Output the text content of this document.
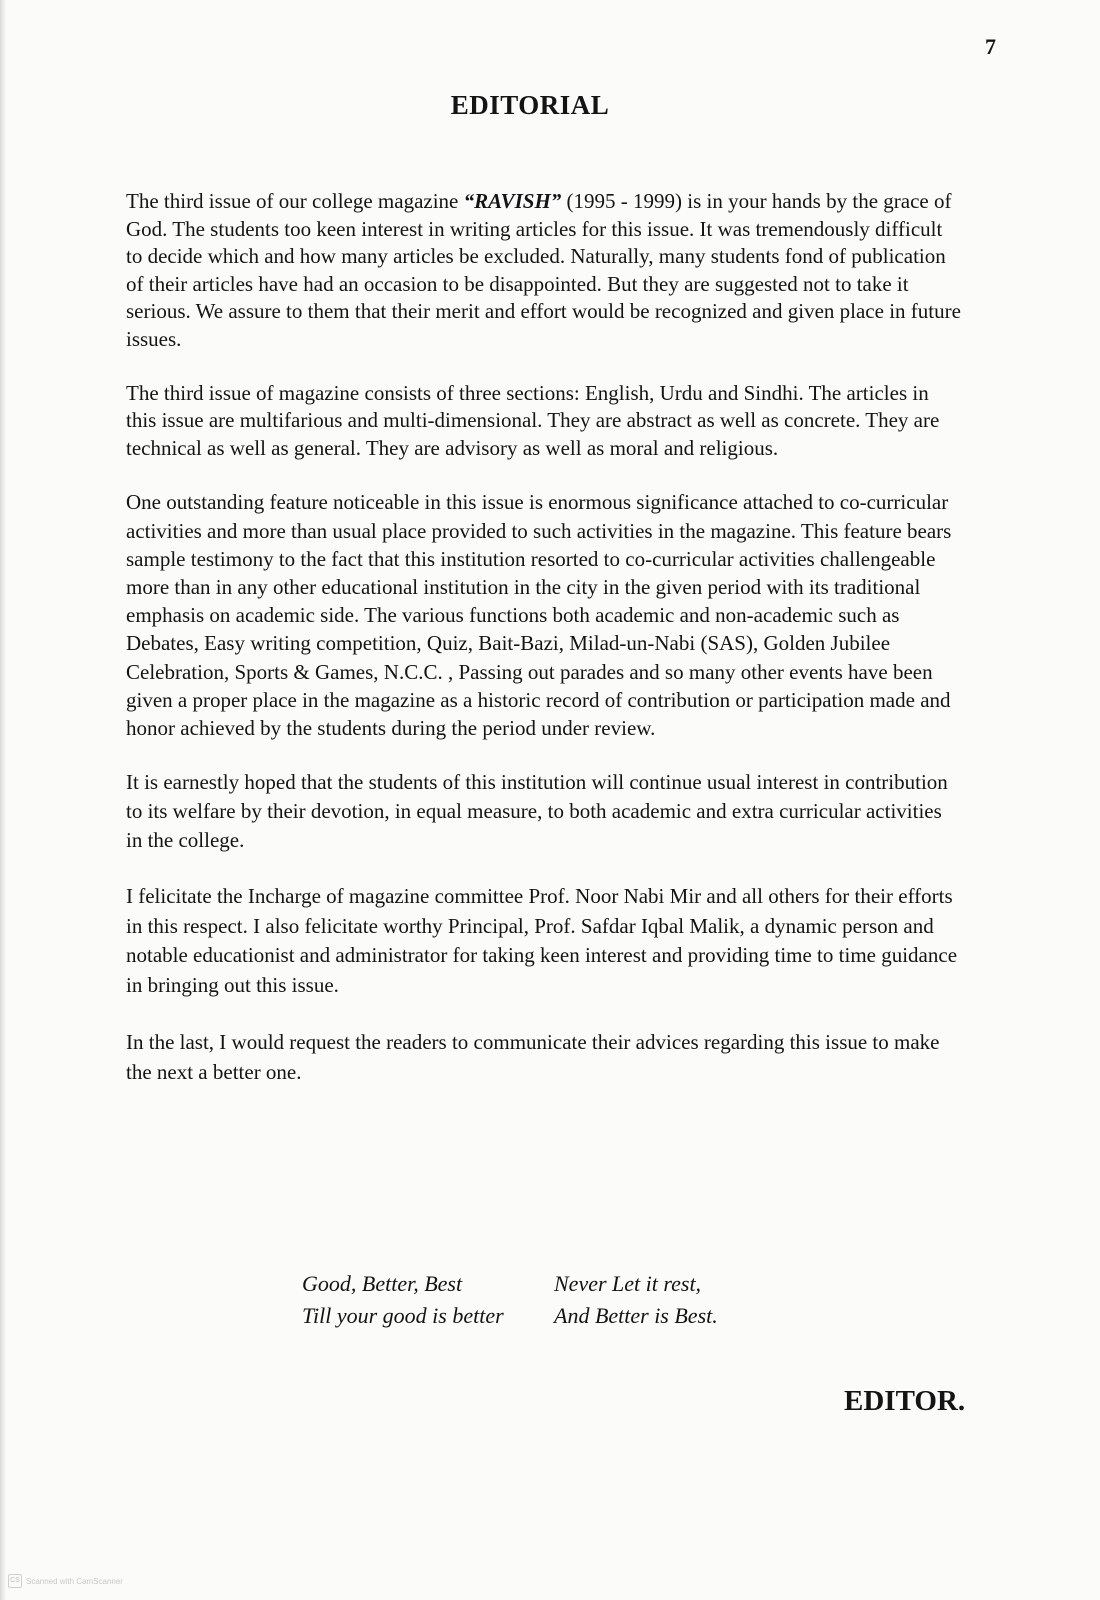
7
EDITORIAL

The third issue of our college magazine “RAVISH” (1995 - 1999) is in your hands by the grace of God. The students too keen interest in writing articles for this issue. It was tremendously difficult to decide which and how many articles be excluded. Naturally, many students fond of publication of their articles have had an occasion to be disappointed. But they are suggested not to take it serious. We assure to them that their merit and effort would be recognized and given place in future issues.

The third issue of magazine consists of three sections: English, Urdu and Sindhi. The articles in this issue are multifarious and multi-dimensional. They are abstract as well as concrete. They are technical as well as general. They are advisory as well as moral and religious.

One outstanding feature noticeable in this issue is enormous significance attached to co-curricular activities and more than usual place provided to such activities in the magazine. This feature bears sample testimony to the fact that this institution resorted to co-curricular activities challengeable more than in any other educational institution in the city in the given period with its traditional emphasis on academic side. The various functions both academic and non-academic such as Debates, Easy writing competition, Quiz, Bait-Bazi, Milad-un-Nabi (SAS), Golden Jubilee Celebration, Sports & Games, N.C.C. , Passing out parades and so many other events have been given a proper place in the magazine as a historic record of contribution or participation made and honor achieved by the students during the period under review.

It is earnestly hoped that the students of this institution will continue usual interest in contribution to its welfare by their devotion, in equal measure, to both academic and extra curricular activities in the college.

I felicitate the Incharge of magazine committee Prof. Noor Nabi Mir and all others for their efforts in this respect. I also felicitate worthy Principal, Prof. Safdar Iqbal Malik, a dynamic person and notable educationist and administrator for taking keen interest and providing time to time guidance in bringing out this issue.

In the last, I would request the readers to communicate their advices regarding this issue to make the next a better one.

Good, Better, Best	Never Let it rest,
Till your good is better	And Better is Best.
EDITOR.
CS Scanned with CamScanner
